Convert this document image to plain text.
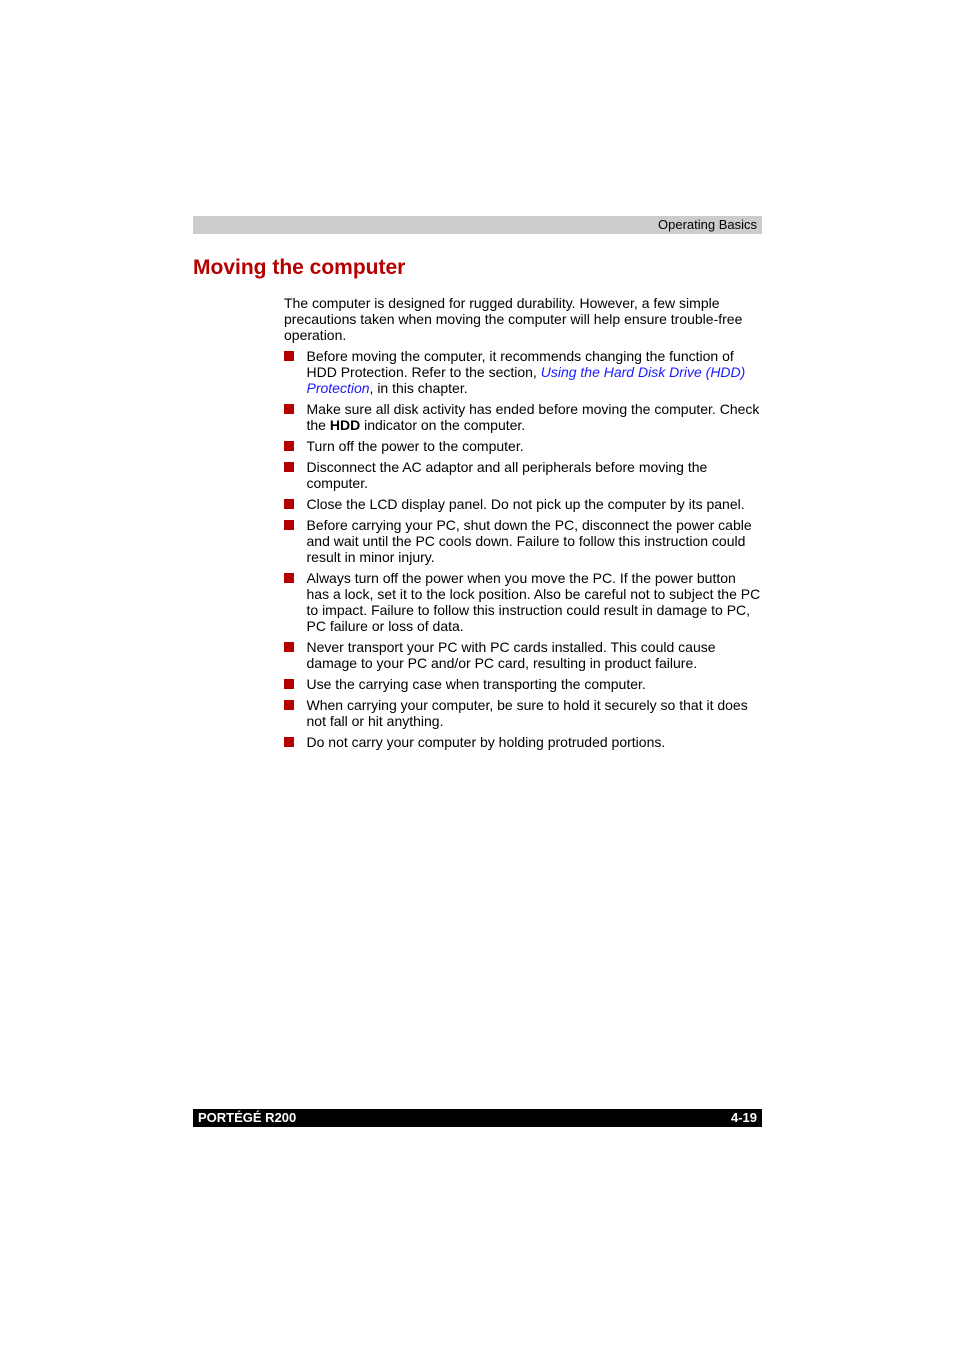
Operating Basics
Moving the computer

The computer is designed for rugged durability. However, a few simple precautions taken when moving the computer will help ensure trouble-free operation.

Before moving the computer, it recommends changing the function of HDD Protection. Refer to the section, Using the Hard Disk Drive (HDD) Protection, in this chapter.
Make sure all disk activity has ended before moving the computer. Check the HDD indicator on the computer.
Turn off the power to the computer.
Disconnect the AC adaptor and all peripherals before moving the computer.
Close the LCD display panel. Do not pick up the computer by its panel.
Before carrying your PC, shut down the PC, disconnect the power cable and wait until the PC cools down. Failure to follow this instruction could result in minor injury.
Always turn off the power when you move the PC. If the power button has a lock, set it to the lock position. Also be careful not to subject the PC to impact. Failure to follow this instruction could result in damage to PC, PC failure or loss of data.
Never transport your PC with PC cards installed. This could cause damage to your PC and/or PC card, resulting in product failure.
Use the carrying case when transporting the computer.
When carrying your computer, be sure to hold it securely so that it does not fall or hit anything.
Do not carry your computer by holding protruded portions.
PORTÉGÉ R200	4-19
